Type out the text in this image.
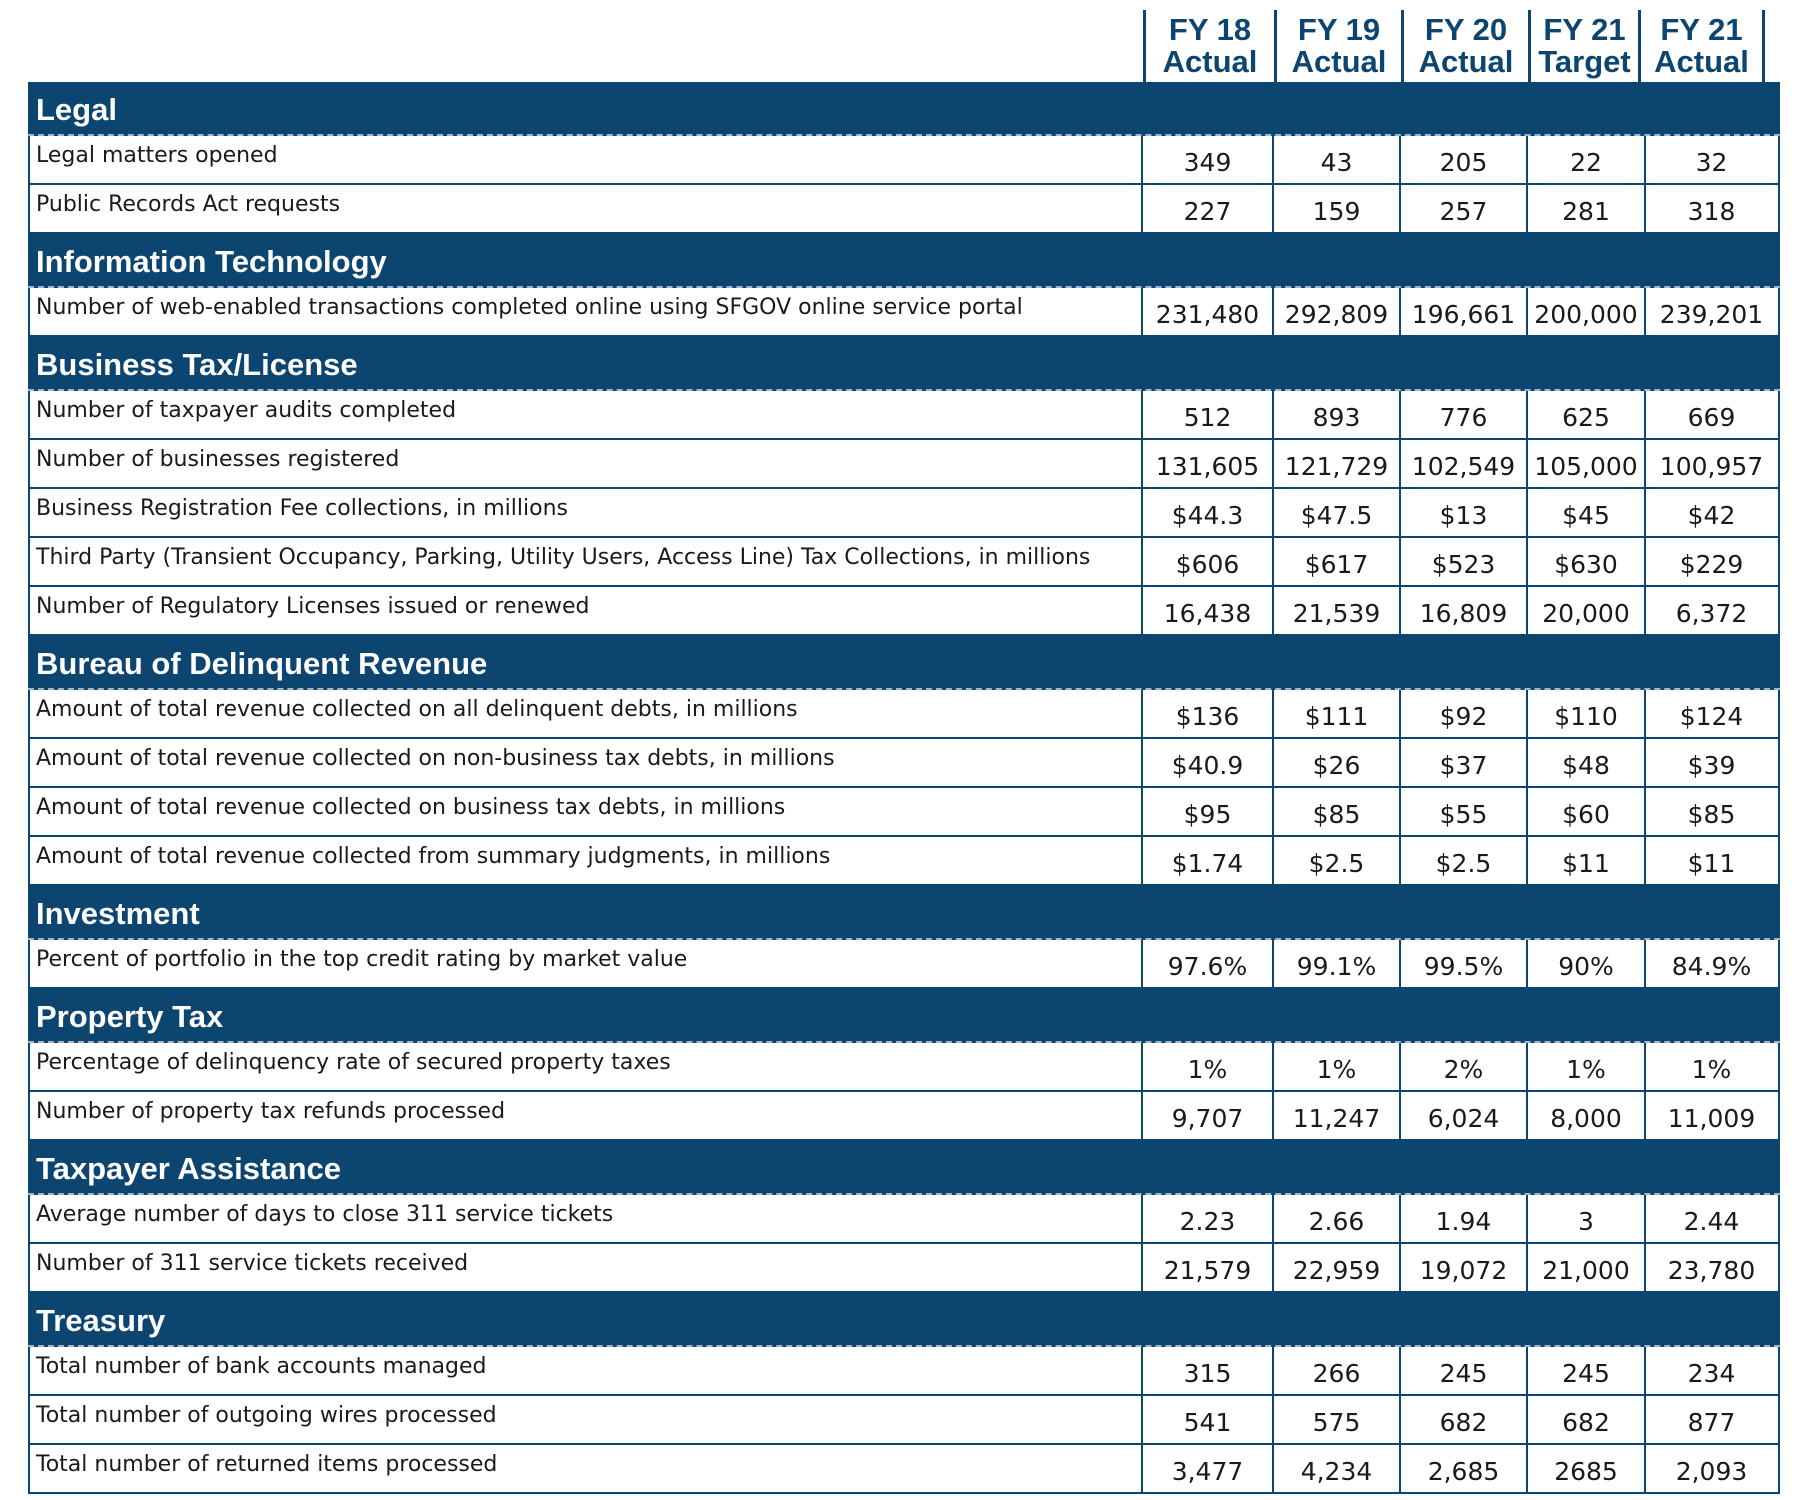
FY 18
Actual
FY 19
Actual
FY 20
Actual
FY 21
Target
FY 21
Actual
Legal
Legal matters opened	349	43	205	22	32
Public Records Act requests	227	159	257	281	318
Information Technology
Number of web-enabled transactions completed online using SFGOV online service portal	231,480	292,809 196,661 200,000 239,201
Business Tax/License
Number of taxpayer audits completed	512	893	776	625	669
Number of businesses registered	131,605	121,729 102,549 105,000 100,957
Business Registration Fee collections, in millions	$44.3	$47.5	$13	$45	$42
Third Party (Transient Occupancy, Parking, Utility Users, Access Line) Tax Collections, in millions	$606	$617	$523	$630	$229
Number of Regulatory Licenses issued or renewed	16,438	21,539	16,809	20,000	6,372
Bureau of Delinquent Revenue
Amount of total revenue collected on all delinquent debts, in millions	$136	$111	$92	$110	$124
Amount of total revenue collected on non-business tax debts, in millions	$40.9	$26	$37	$48	$39
Amount of total revenue collected on business tax debts, in millions	$95	$85	$55	$60	$85
Amount of total revenue collected from summary judgments, in millions	$1.74	$2.5	$2.5	$11	$11
Investment
Percent of portfolio in the top credit rating by market value	97.6%	99.1%	99.5%	90%	84.9%
Property Tax
Percentage of delinquency rate of secured property taxes	1%	1%	2%	1%	1%
Number of property tax refunds processed	9,707	11,247	6,024	8,000	11,009
Taxpayer Assistance
Average number of days to close 311 service tickets	2.23	2.66	1.94	3	2.44
Number of 311 service tickets received	21,579	22,959	19,072	21,000	23,780
Treasury
Total number of bank accounts managed	315	266	245	245	234
Total number of outgoing wires processed	541	575	682	682	877
Total number of returned items processed	3,477	4,234	2,685	2685	2,093
